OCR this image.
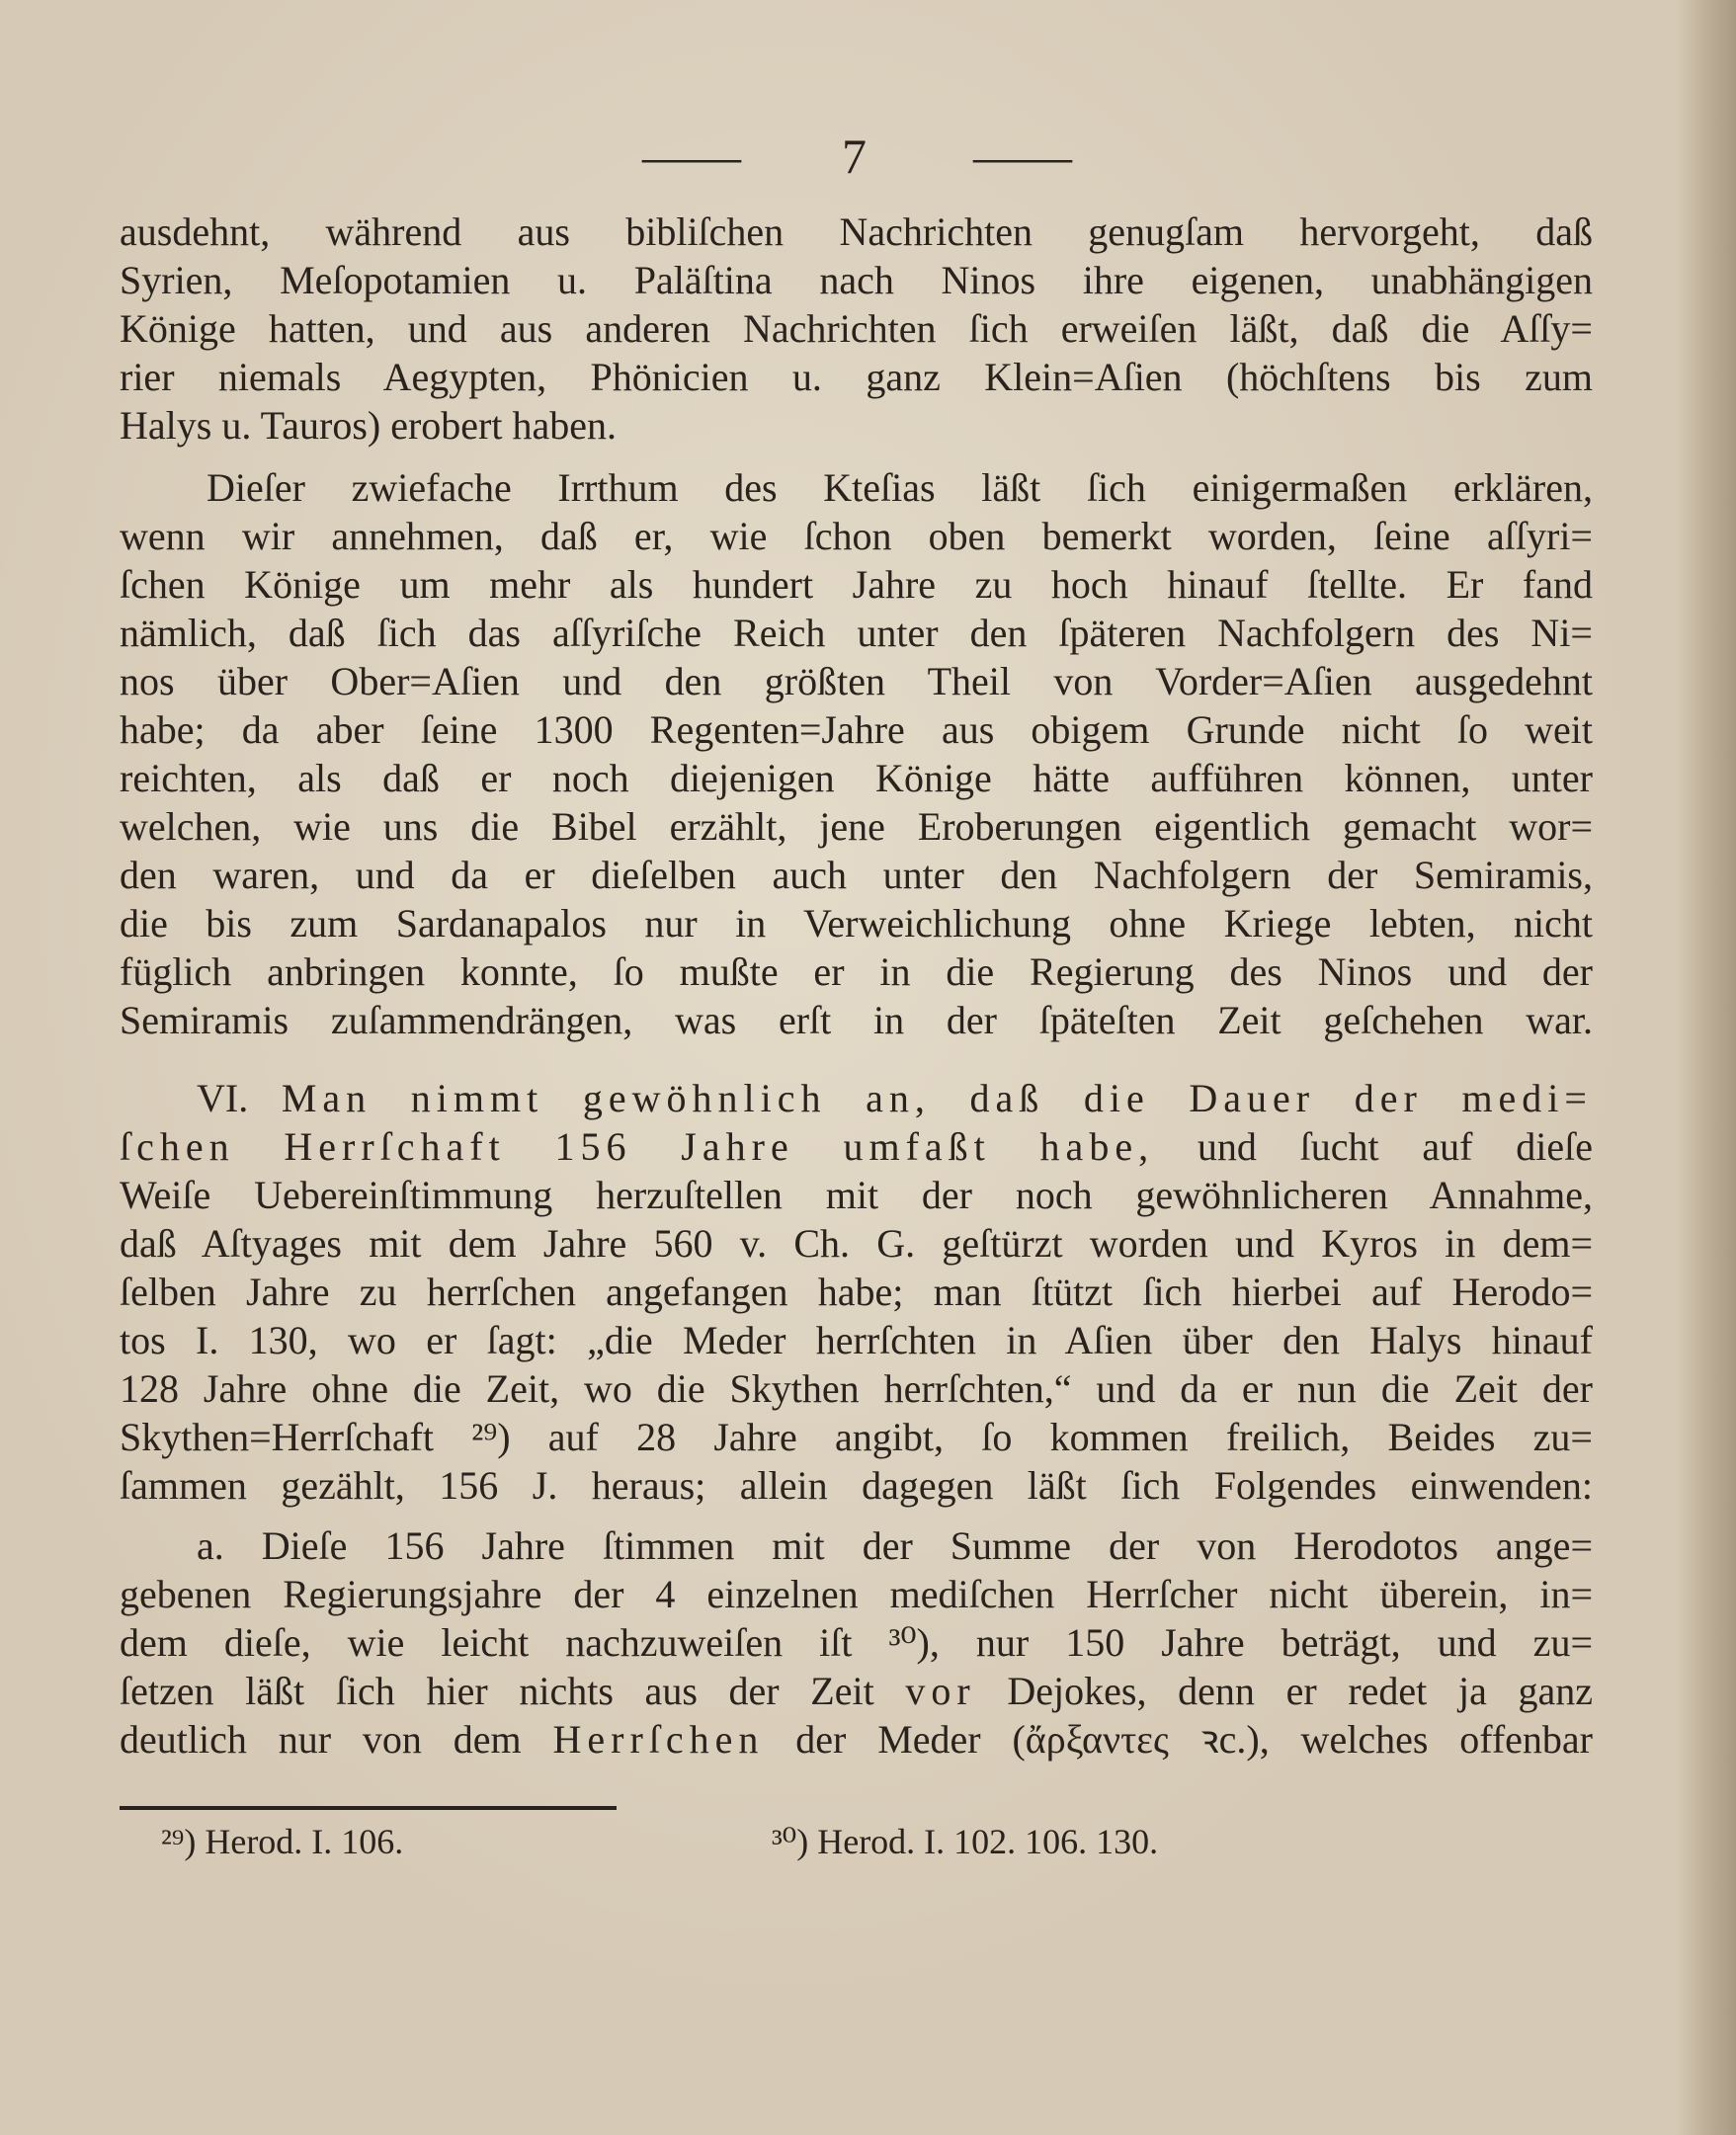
—— 7 ——
ausdehnt, während aus bibliſchen Nachrichten genugſam hervorgeht, daß
Syrien, Meſopotamien u. Paläſtina nach Ninos ihre eigenen, unabhängigen
Könige hatten, und aus anderen Nachrichten ſich erweiſen läßt, daß die Aſſy=
rier niemals Aegypten, Phönicien u. ganz Klein=Aſien (höchſtens bis zum
Halys u. Tauros) erobert haben.
Dieſer zwiefache Irrthum des Kteſias läßt ſich einigermaßen erklären,
wenn wir annehmen, daß er, wie ſchon oben bemerkt worden, ſeine aſſyri=
ſchen Könige um mehr als hundert Jahre zu hoch hinauf ſtellte. Er fand
nämlich, daß ſich das aſſyriſche Reich unter den ſpäteren Nachfolgern des Ni=
nos über Ober=Aſien und den größten Theil von Vorder=Aſien ausgedehnt
habe; da aber ſeine 1300 Regenten=Jahre aus obigem Grunde nicht ſo weit
reichten, als daß er noch diejenigen Könige hätte aufführen können, unter
welchen, wie uns die Bibel erzählt, jene Eroberungen eigentlich gemacht wor=
den waren, und da er dieſelben auch unter den Nachfolgern der Semiramis,
die bis zum Sardanapalos nur in Verweichlichung ohne Kriege lebten, nicht
füglich anbringen konnte, ſo mußte er in die Regierung des Ninos und der
Semiramis zuſammendrängen, was erſt in der ſpäteſten Zeit geſchehen war.
VI. Man nimmt gewöhnlich an, daß die Dauer der medi=
ſchen Herrſchaft 156 Jahre umfaßt habe, und ſucht auf dieſe
Weiſe Uebereinſtimmung herzuſtellen mit der noch gewöhnlicheren Annahme,
daß Aſtyages mit dem Jahre 560 v. Ch. G. geſtürzt worden und Kyros in dem=
ſelben Jahre zu herrſchen angefangen habe; man ſtützt ſich hierbei auf Herodo=
tos I. 130, wo er ſagt: „die Meder herrſchten in Aſien über den Halys hinauf
128 Jahre ohne die Zeit, wo die Skythen herrſchten,“ und da er nun die Zeit der
Skythen=Herrſchaft ²⁹) auf 28 Jahre angibt, ſo kommen freilich, Beides zu=
ſammen gezählt, 156 J. heraus; allein dagegen läßt ſich Folgendes einwenden:
a. Dieſe 156 Jahre ſtimmen mit der Summe der von Herodotos ange=
gebenen Regierungsjahre der 4 einzelnen mediſchen Herrſcher nicht überein, in=
dem dieſe, wie leicht nachzuweiſen iſt ³⁰), nur 150 Jahre beträgt, und zu=
ſetzen läßt ſich hier nichts aus der Zeit vor Dejokes, denn er redet ja ganz
deutlich nur von dem Herrſchen der Meder (ἄρξαντες ꝛc.), welches offenbar
²⁹) Herod. I. 106.	³⁰) Herod. I. 102. 106. 130.
